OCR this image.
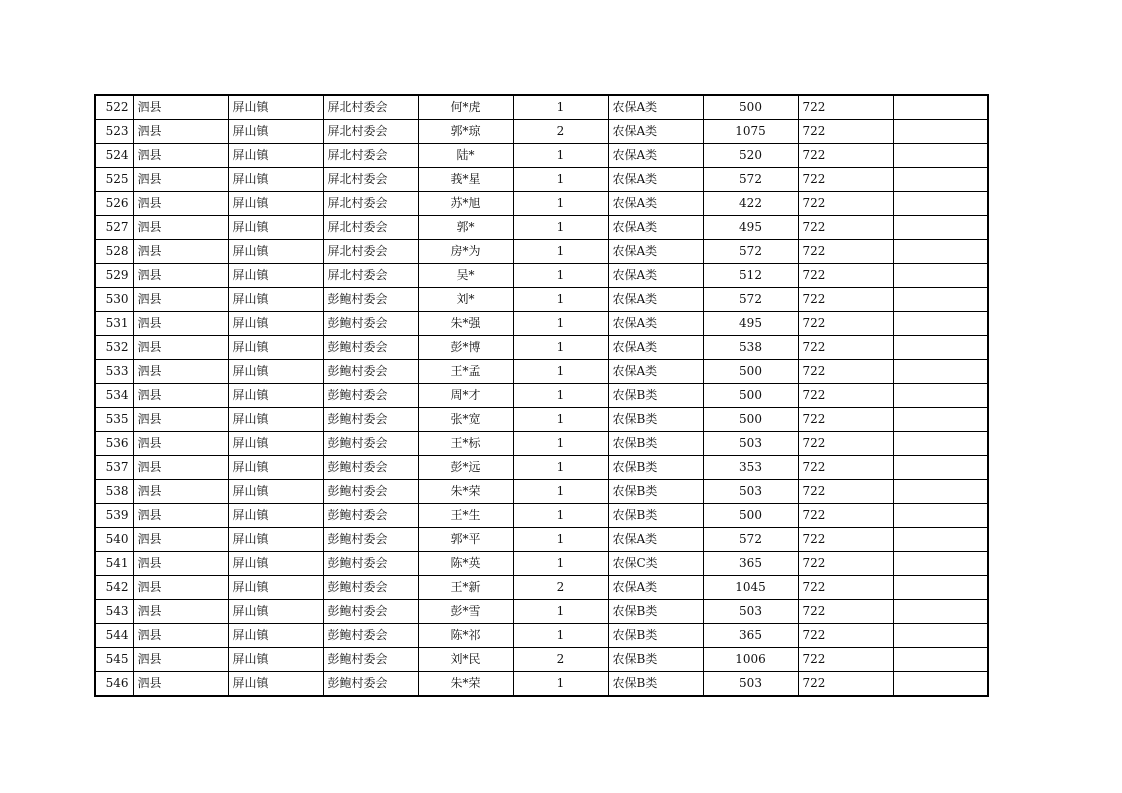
522	泗县	屏山镇	屏北村委会	何*虎	1	农保A类	500	722	
523	泗县	屏山镇	屏北村委会	郭*琼	2	农保A类	1075	722	
524	泗县	屏山镇	屏北村委会	陆*	1	农保A类	520	722	
525	泗县	屏山镇	屏北村委会	莪*星	1	农保A类	572	722	
526	泗县	屏山镇	屏北村委会	苏*旭	1	农保A类	422	722	
527	泗县	屏山镇	屏北村委会	郭*	1	农保A类	495	722	
528	泗县	屏山镇	屏北村委会	房*为	1	农保A类	572	722	
529	泗县	屏山镇	屏北村委会	吴*	1	农保A类	512	722	
530	泗县	屏山镇	彭鲍村委会	刘*	1	农保A类	572	722	
531	泗县	屏山镇	彭鲍村委会	朱*强	1	农保A类	495	722	
532	泗县	屏山镇	彭鲍村委会	彭*博	1	农保A类	538	722	
533	泗县	屏山镇	彭鲍村委会	王*孟	1	农保A类	500	722	
534	泗县	屏山镇	彭鲍村委会	周*才	1	农保B类	500	722	
535	泗县	屏山镇	彭鲍村委会	张*宽	1	农保B类	500	722	
536	泗县	屏山镇	彭鲍村委会	王*标	1	农保B类	503	722	
537	泗县	屏山镇	彭鲍村委会	彭*远	1	农保B类	353	722	
538	泗县	屏山镇	彭鲍村委会	朱*荣	1	农保B类	503	722	
539	泗县	屏山镇	彭鲍村委会	王*生	1	农保B类	500	722	
540	泗县	屏山镇	彭鲍村委会	郭*平	1	农保A类	572	722	
541	泗县	屏山镇	彭鲍村委会	陈*英	1	农保C类	365	722	
542	泗县	屏山镇	彭鲍村委会	王*新	2	农保A类	1045	722	
543	泗县	屏山镇	彭鲍村委会	彭*雪	1	农保B类	503	722	
544	泗县	屏山镇	彭鲍村委会	陈*祁	1	农保B类	365	722	
545	泗县	屏山镇	彭鲍村委会	刘*民	2	农保B类	1006	722	
546	泗县	屏山镇	彭鲍村委会	朱*荣	1	农保B类	503	722	
